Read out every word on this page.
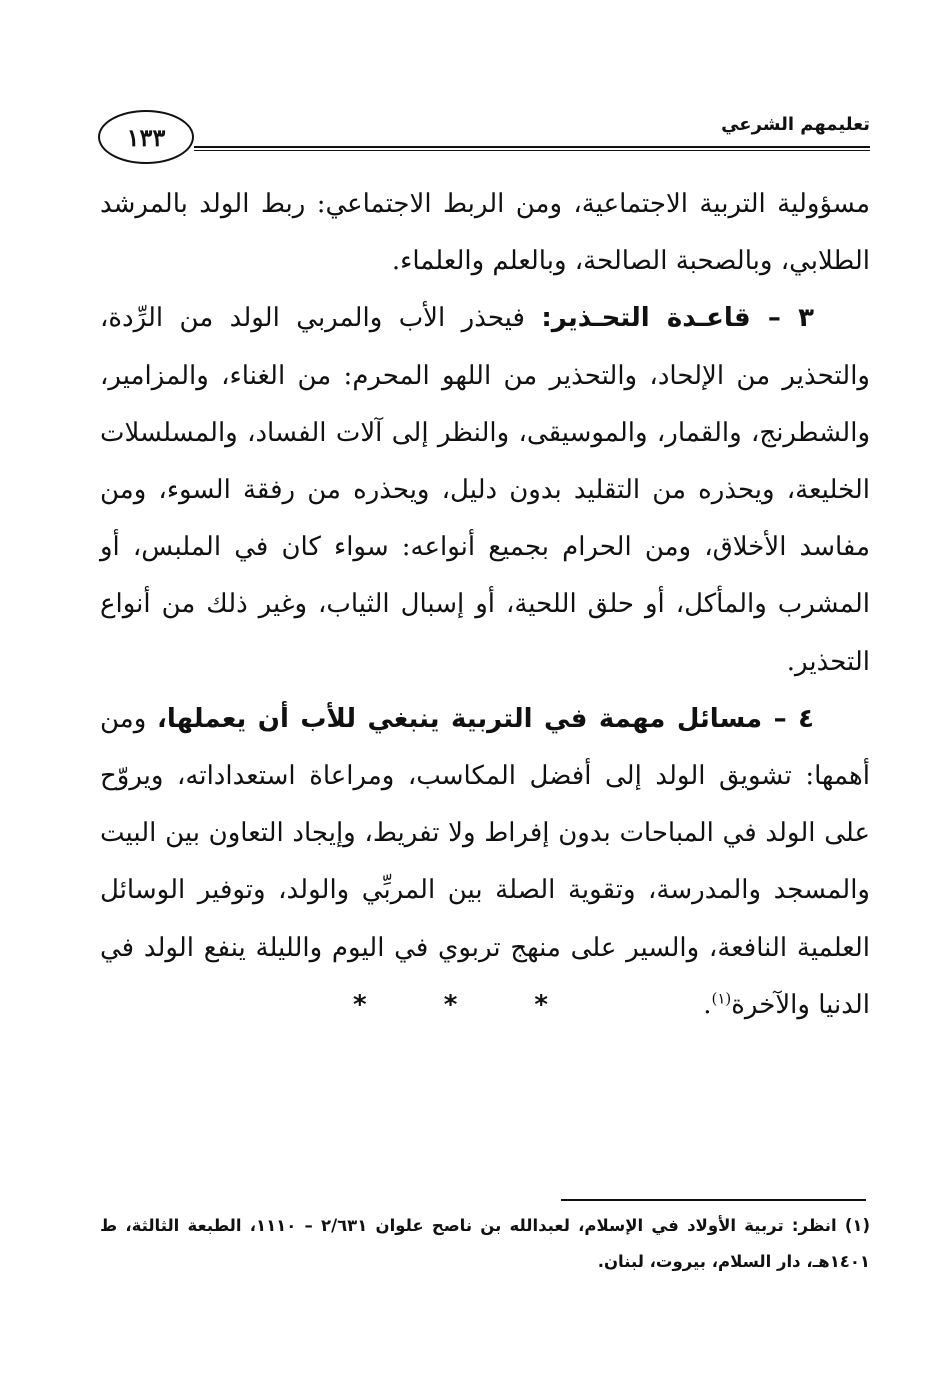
١٣٣	تعليمهم الشرعي

مسؤولية التربية الاجتماعية، ومن الربط الاجتماعي: ربط الولد بالمرشد الطلابي، وبالصحبة الصالحة، وبالعلم والعلماء.

٣ – قاعـدة التحـذير: فيحذر الأب والمربي الولد من الرِّدة، والتحذير من الإلحاد، والتحذير من اللهو المحرم: من الغناء، والمزامير، والشطرنج، والقمار، والموسيقى، والنظر إلى آلات الفساد، والمسلسلات الخليعة، ويحذره من التقليد بدون دليل، ويحذره من رفقة السوء، ومن مفاسد الأخلاق، ومن الحرام بجميع أنواعه: سواء كان في الملبس، أو المشرب والمأكل، أو حلق اللحية، أو إسبال الثياب، وغير ذلك من أنواع التحذير.

٤ – مسائل مهمة في التربية ينبغي للأب أن يعملها، ومن أهمها: تشويق الولد إلى أفضل المكاسب، ومراعاة استعداداته، ويروّح على الولد في المباحات بدون إفراط ولا تفريط، وإيجاد التعاون بين البيت والمسجد والمدرسة، وتقوية الصلة بين المربِّي والولد، وتوفير الوسائل العلمية النافعة، والسير على منهج تربوي في اليوم والليلة ينفع الولد في الدنيا والآخرة$^{(١)}$.

* * *

(١) انظر: تربية الأولاد في الإسلام، لعبدالله بن ناصح علوان ٢/٦٣١ – ١١١٠، الطبعة الثالثة، ط ١٤٠١هـ، دار السلام، بيروت، لبنان.
